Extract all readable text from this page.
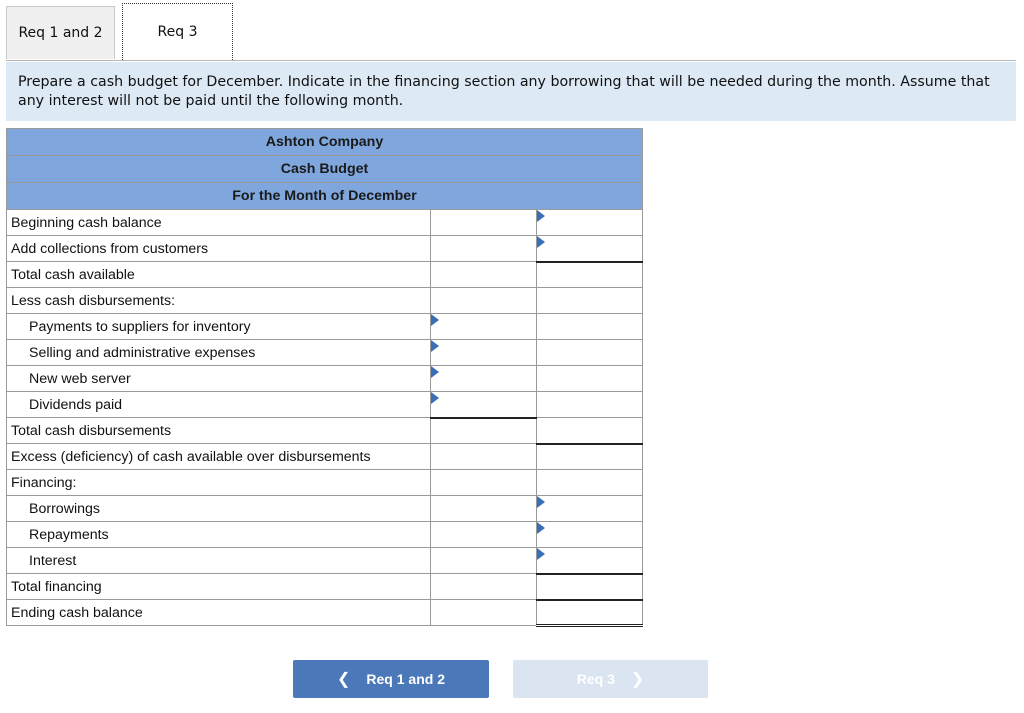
Req 1 and 2	Req 3
Prepare a cash budget for December. Indicate in the financing section any borrowing that will be needed during the month. Assume that any interest will not be paid until the following month.
Ashton Company		
Cash Budget		
For the Month of December		
Beginning cash balance		

Add collections from customers		

Total cash available		

Less cash disbursements:		
Payments to suppliers for inventory	

Selling and administrative expenses	

New web server	

Dividends paid	

Total cash disbursements		

Excess (deficiency) of cash available over disbursements		

Financing:		
Borrowings		

Repayments		

Interest		

Total financing		

Ending cash balance		
❮ Req 1 and 2	Req 3 ❯
